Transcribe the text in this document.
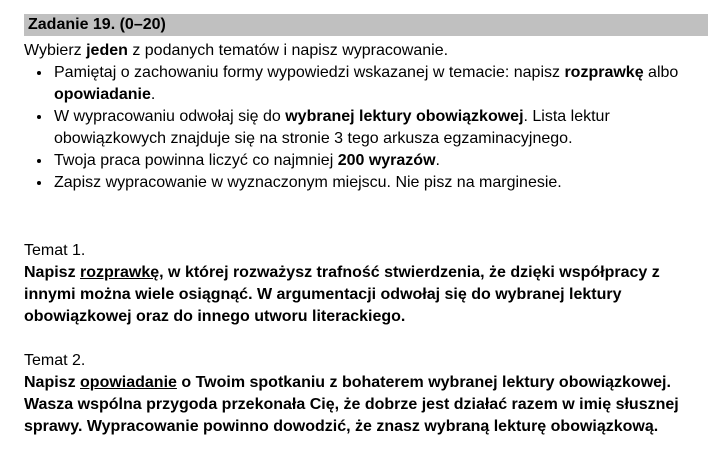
Zadanie 19. (0–20)

Wybierz jeden z podanych tematów i napisz wypracowanie.

• Pamiętaj o zachowaniu formy wypowiedzi wskazanej w temacie: napisz rozprawkę albo opowiadanie.
• W wypracowaniu odwołaj się do wybranej lektury obowiązkowej. Lista lektur obowiązkowych znajduje się na stronie 3 tego arkusza egzaminacyjnego.
• Twoja praca powinna liczyć co najmniej 200 wyrazów.
• Zapisz wypracowanie w wyznaczonym miejscu. Nie pisz na marginesie.

Temat 1.

Napisz rozprawkę, w której rozważysz trafność stwierdzenia, że dzięki współpracy z innymi można wiele osiągnąć. W argumentacji odwołaj się do wybranej lektury obowiązkowej oraz do innego utworu literackiego.

Temat 2.

Napisz opowiadanie o Twoim spotkaniu z bohaterem wybranej lektury obowiązkowej. Wasza wspólna przygoda przekonała Cię, że dobrze jest działać razem w imię słusznej sprawy. Wypracowanie powinno dowodzić, że znasz wybraną lekturę obowiązkową.
